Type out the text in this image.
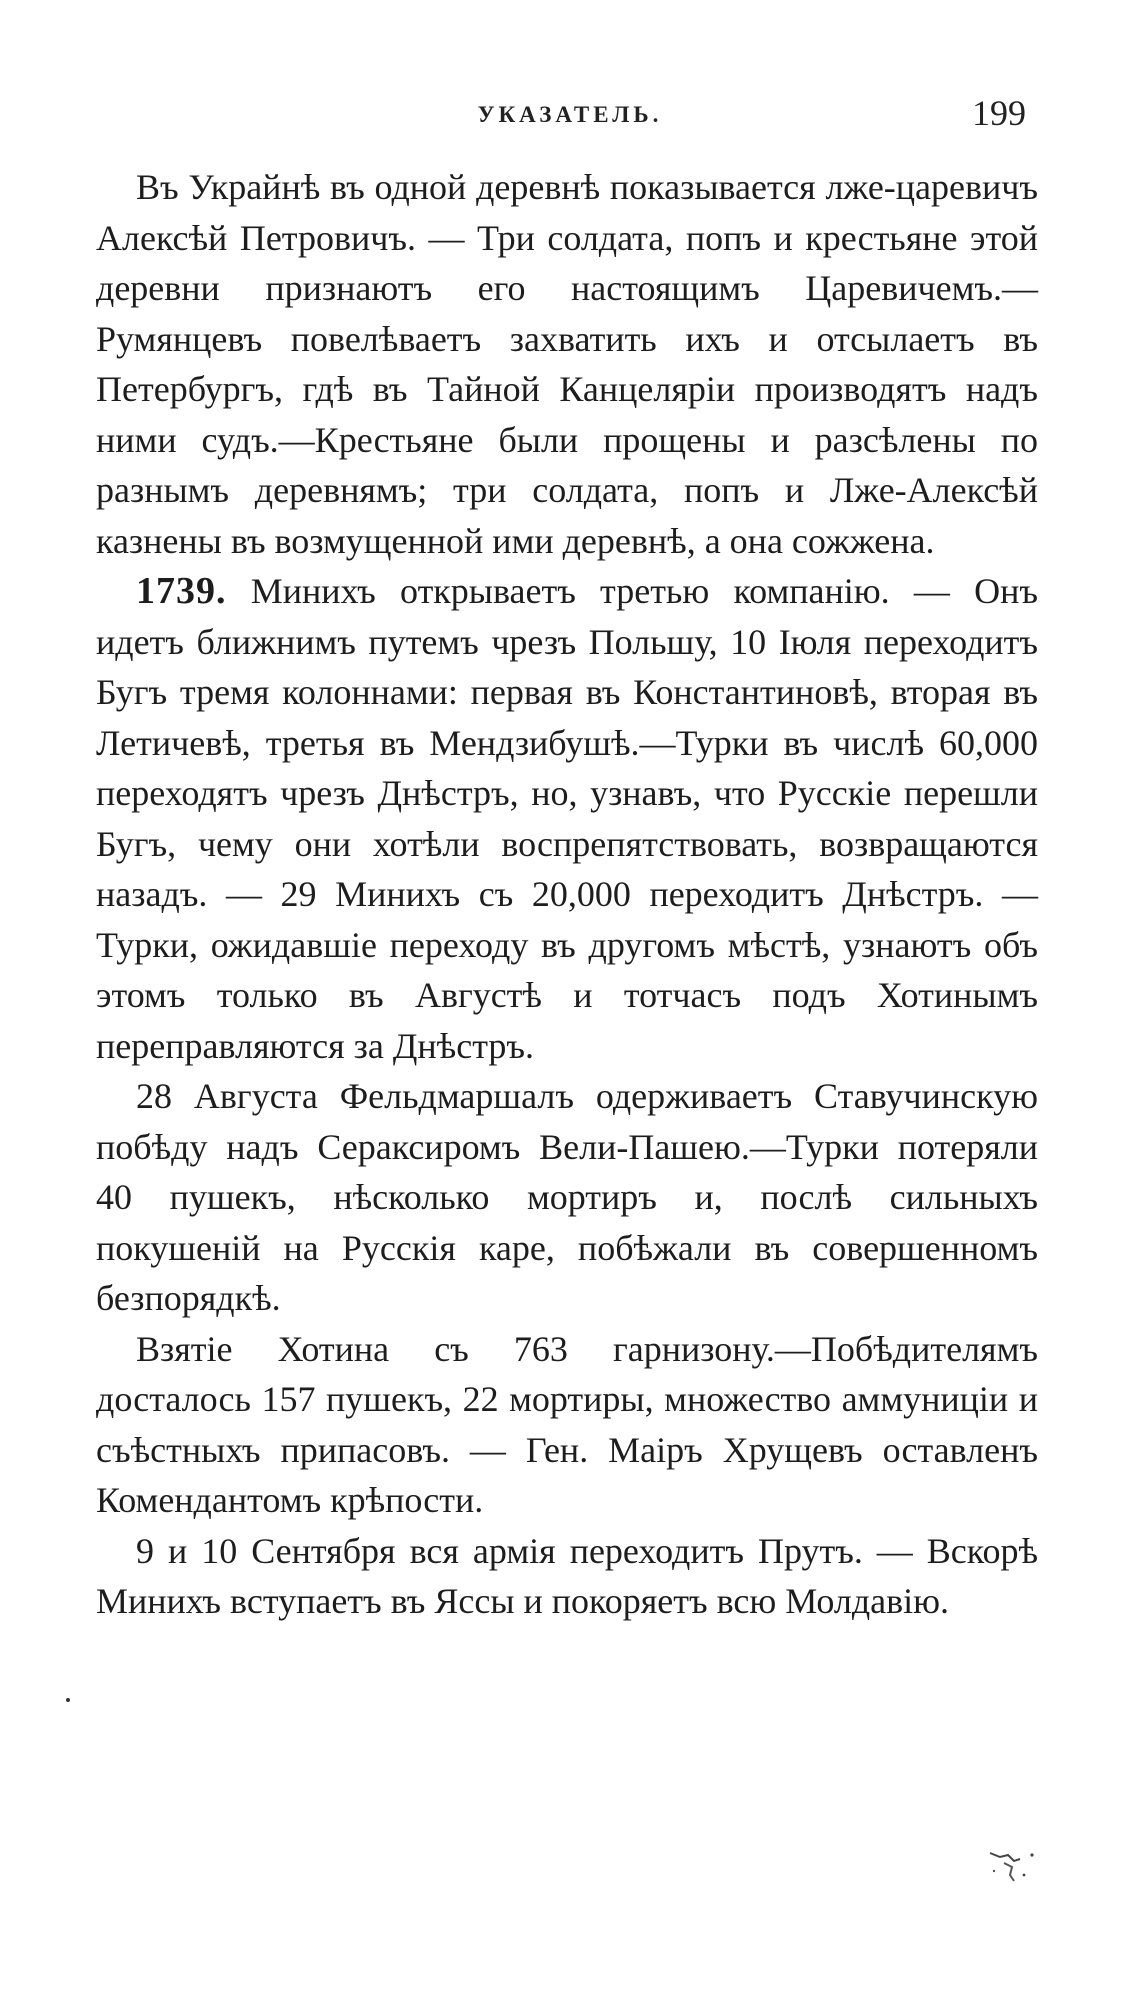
УКАЗАТЕЛЬ.	199

Въ Украйнѣ въ одной деревнѣ показывается лже-царевичъ Алексѣй Петровичъ. — Три солдата, попъ и крестьяне этой деревни признаютъ его настоящимъ Царевичемъ.—Румянцевъ повелѣваетъ захватить ихъ и отсылаетъ въ Петербургъ, гдѣ въ Тайной Канцеляріи производятъ надъ ними судъ.—Крестьяне были прощены и разсѣлены по разнымъ деревнямъ; три солдата, попъ и Лже-Алексѣй казнены въ возмущенной ими деревнѣ, а она сожжена.

1739. Минихъ открываетъ третью компанію. — Онъ идетъ ближнимъ путемъ чрезъ Польшу, 10 Іюля переходитъ Бугъ тремя колоннами: первая въ Константиновѣ, вторая въ Летичевѣ, третья въ Мендзибушѣ.—Турки въ числѣ 60,000 переходятъ чрезъ Днѣстръ, но, узнавъ, что Русскіе перешли Бугъ, чему они хотѣли воспрепятствовать, возвращаются назадъ. — 29 Минихъ съ 20,000 переходитъ Днѣстръ. — Турки, ожидавшіе переходу въ другомъ мѣстѣ, узнаютъ объ этомъ только въ Августѣ и тотчасъ подъ Хотинымъ переправляются за Днѣстръ.

28 Августа Фельдмаршалъ одерживаетъ Ставучинскую побѣду надъ Сераксиромъ Вели-Пашею.—Турки потеряли 40 пушекъ, нѣсколько мортиръ и, послѣ сильныхъ покушеній на Русскія каре, побѣжали въ совершенномъ безпорядкѣ.

Взятіе Хотина съ 763 гарнизону.—Побѣдителямъ досталось 157 пушекъ, 22 мортиры, множество аммуниціи и съѣстныхъ припасовъ. — Ген. Маіръ Хрущевъ оставленъ Комендантомъ крѣпости.

9 и 10 Сентября вся армія переходитъ Прутъ. — Вскорѣ Минихъ вступаетъ въ Яссы и покоряетъ всю Молдавію.
